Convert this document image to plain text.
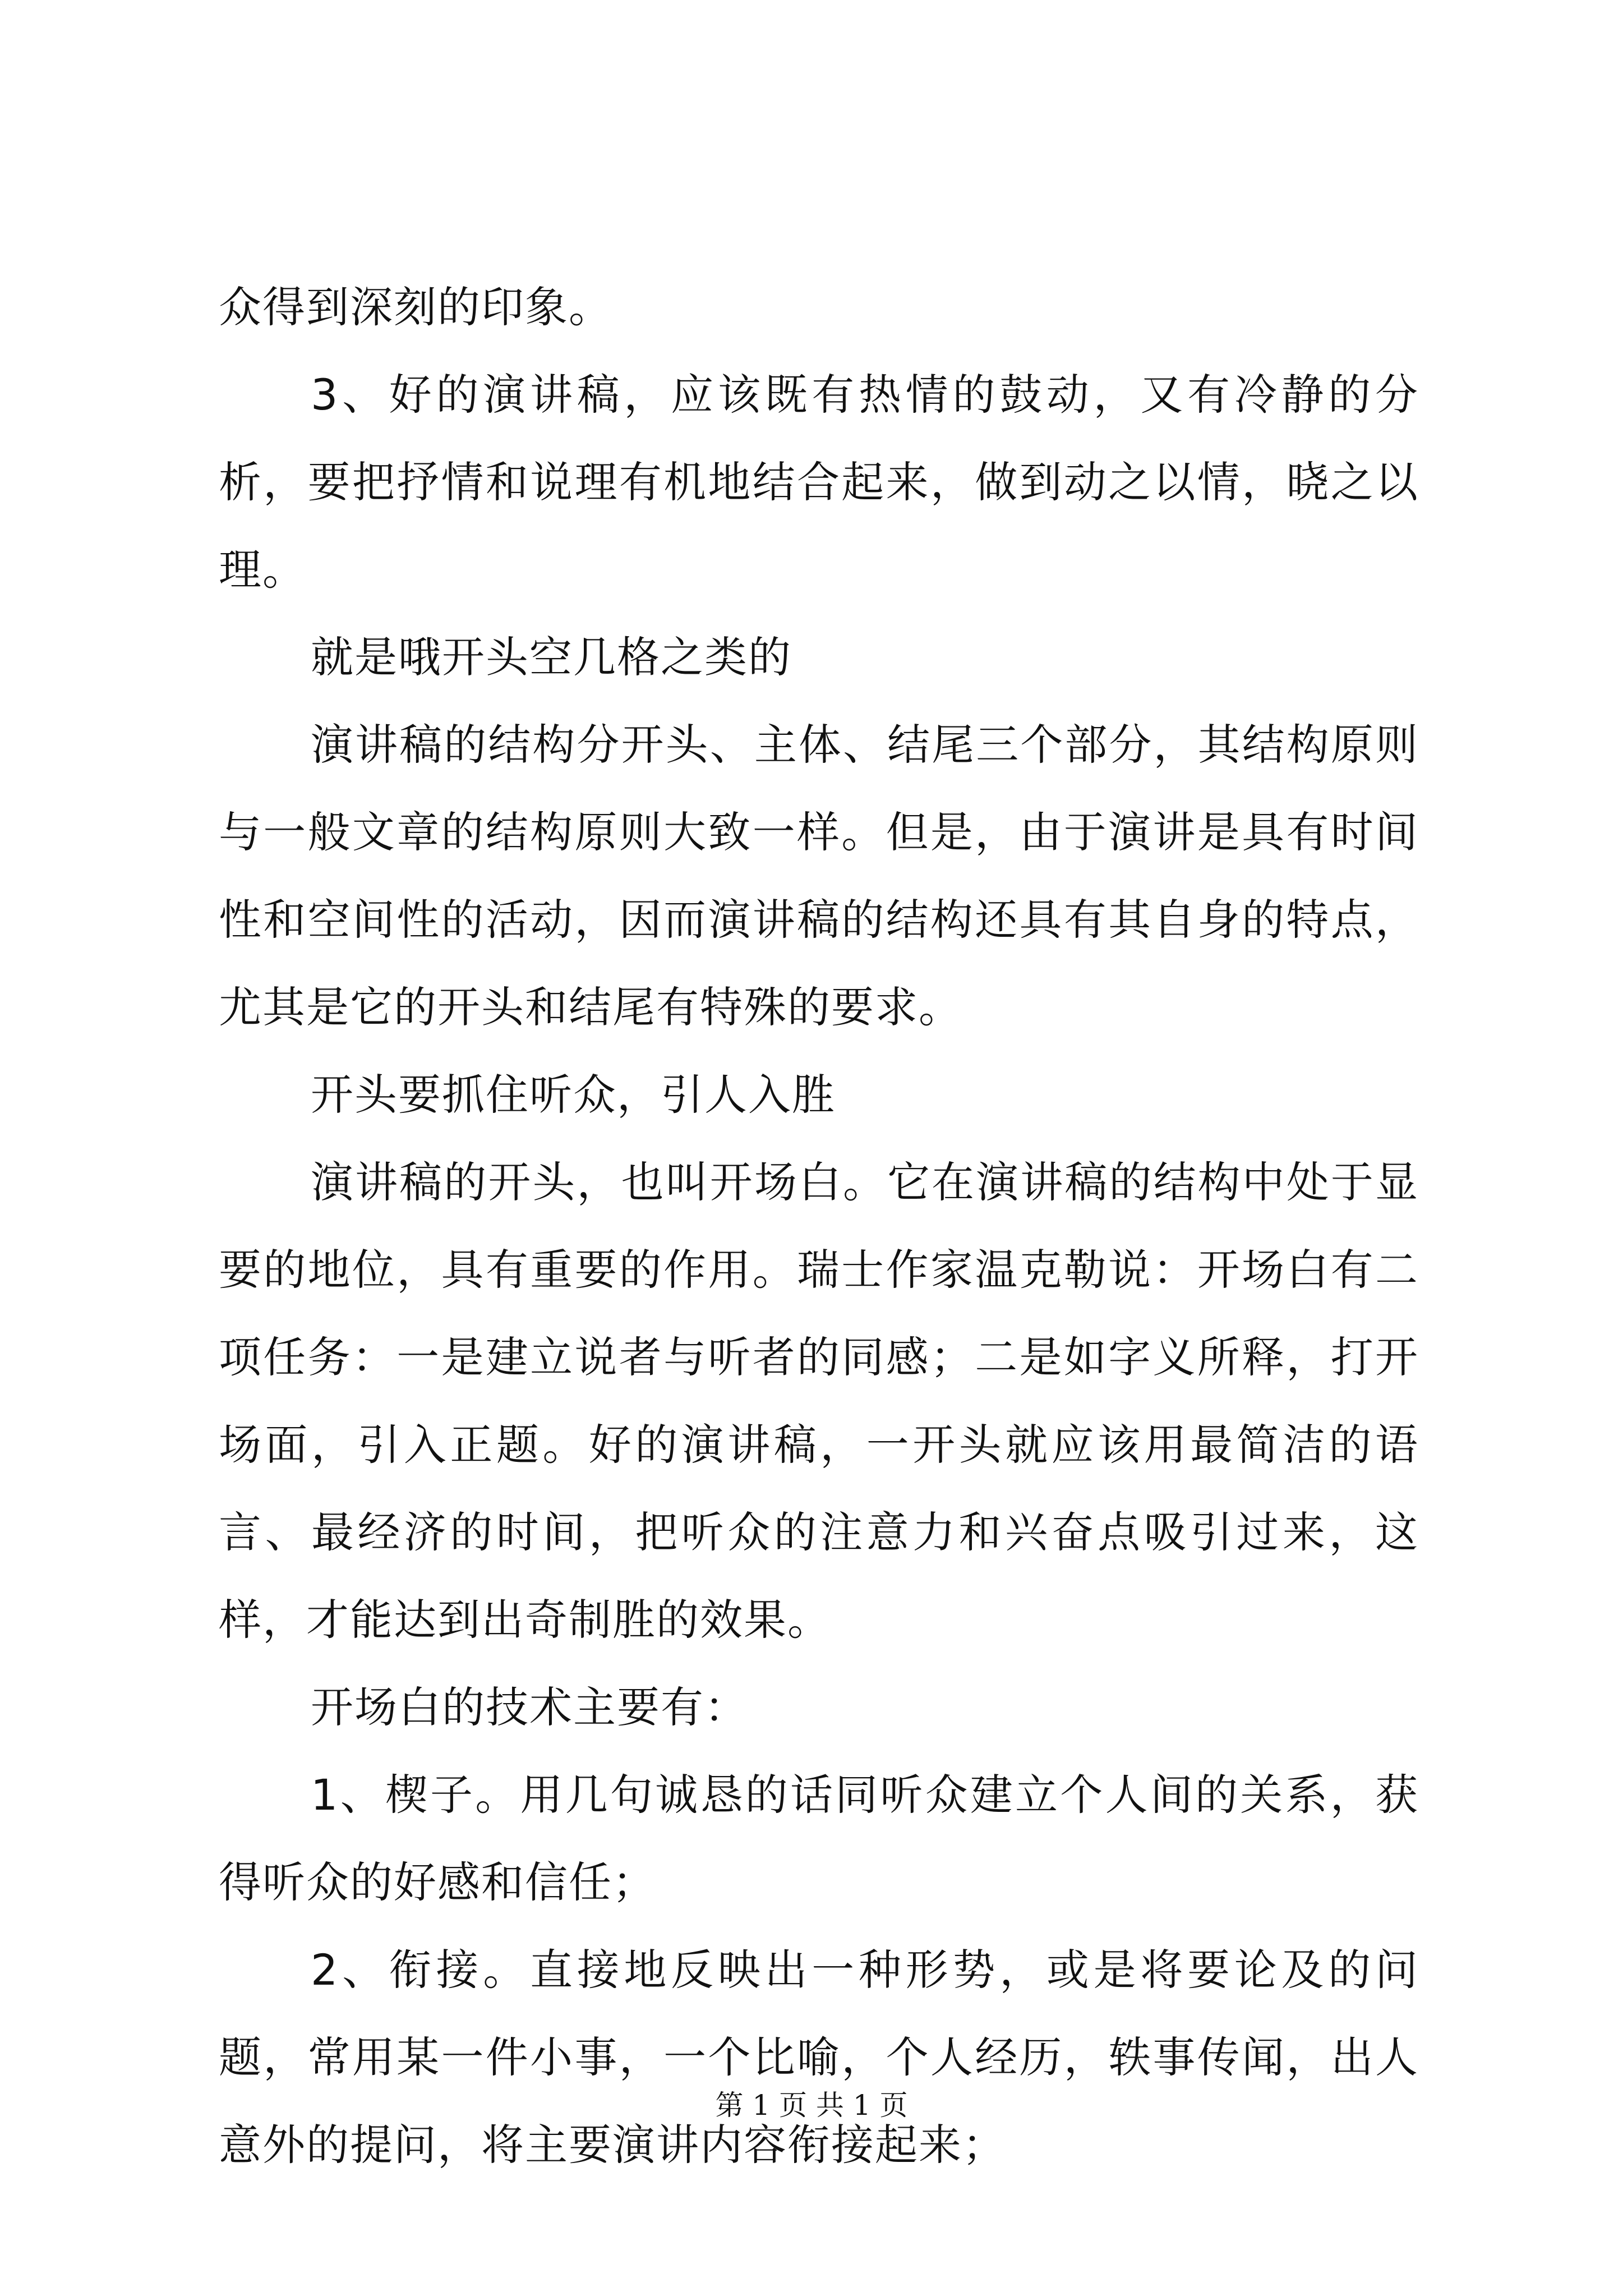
众得到深刻的印象。

3、好的演讲稿，应该既有热情的鼓动，又有冷静的分析，要把抒情和说理有机地结合起来，做到动之以情，晓之以理。

就是哦开头空几格之类的

演讲稿的结构分开头、主体、结尾三个部分，其结构原则与一般文章的结构原则大致一样。但是，由于演讲是具有时间性和空间性的活动，因而演讲稿的结构还具有其自身的特点，尤其是它的开头和结尾有特殊的要求。

开头要抓住听众，引人入胜

演讲稿的开头，也叫开场白。它在演讲稿的结构中处于显要的地位，具有重要的作用。瑞士作家温克勒说：开场白有二项任务：一是建立说者与听者的同感；二是如字义所释，打开场面，引入正题。好的演讲稿，一开头就应该用最简洁的语言、最经济的时间，把听众的注意力和兴奋点吸引过来，这样，才能达到出奇制胜的效果。

开场白的技术主要有：

1、楔子。用几句诚恳的话同听众建立个人间的关系，获得听众的好感和信任；

2、衔接。直接地反映出一种形势，或是将要论及的问题，常用某一件小事，一个比喻，个人经历，轶事传闻，出人意外的提问，将主要演讲内容衔接起来；

第 1 页 共 1 页
